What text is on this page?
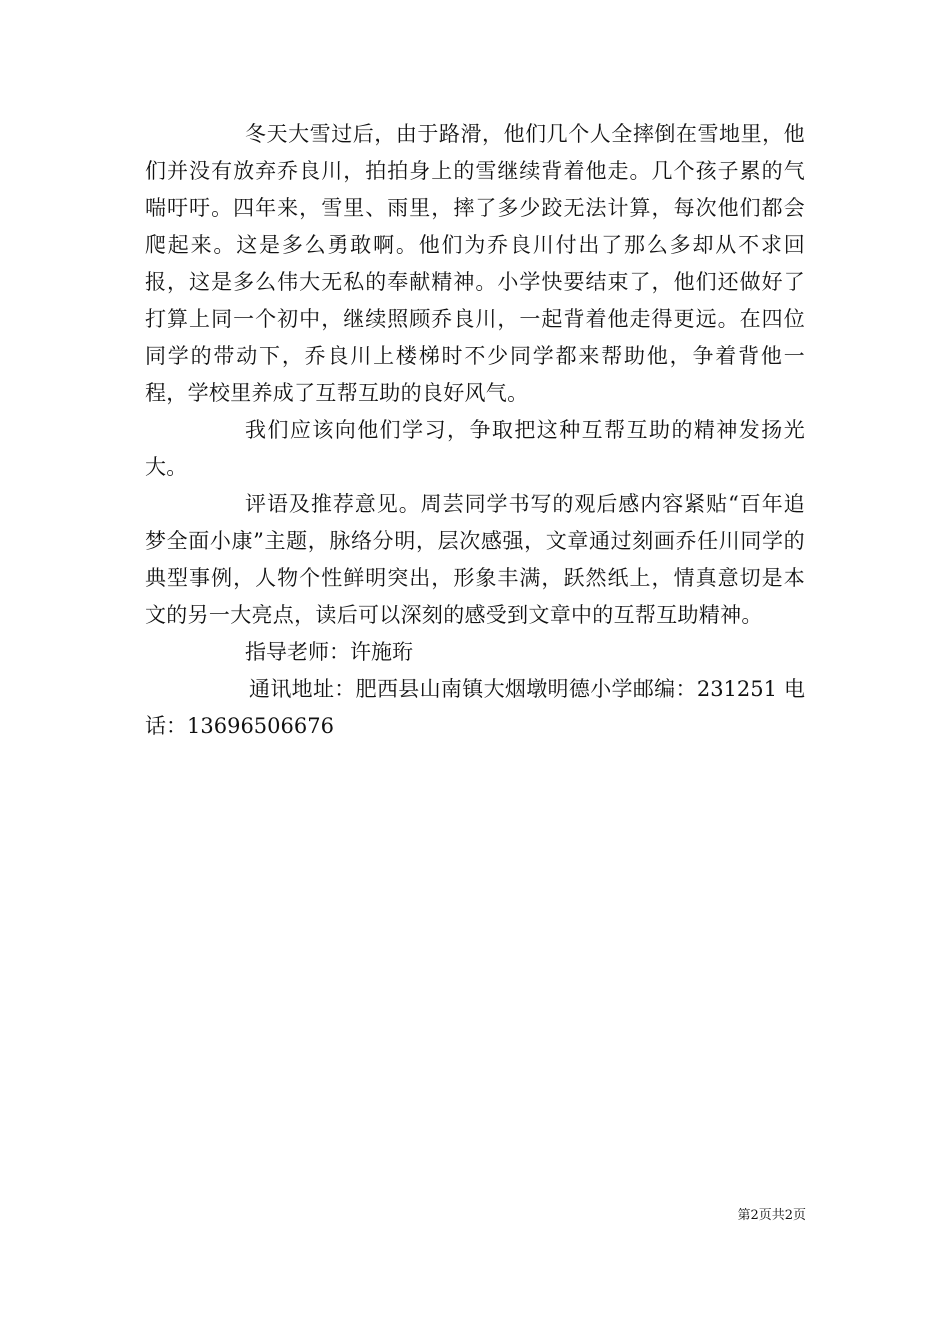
冬天大雪过后，由于路滑，他们几个人全摔倒在雪地里，他们并没有放弃乔良川，拍拍身上的雪继续背着他走。几个孩子累的气喘吁吁。四年来，雪里、雨里，摔了多少跤无法计算，每次他们都会爬起来。这是多么勇敢啊。他们为乔良川付出了那么多却从不求回报，这是多么伟大无私的奉献精神。小学快要结束了，他们还做好了打算上同一个初中，继续照顾乔良川，一起背着他走得更远。在四位同学的带动下，乔良川上楼梯时不少同学都来帮助他，争着背他一程，学校里养成了互帮互助的良好风气。

我们应该向他们学习，争取把这种互帮互助的精神发扬光大。

评语及推荐意见。周芸同学书写的观后感内容紧贴“百年追梦全面小康”主题，脉络分明，层次感强，文章通过刻画乔任川同学的典型事例，人物个性鲜明突出，形象丰满，跃然纸上，情真意切是本文的另一大亮点，读后可以深刻的感受到文章中的互帮互助精神。

指导老师：许施珩

通讯地址：肥西县山南镇大烟墩明德小学邮编：231251 电话：13696506676

第2页共2页
